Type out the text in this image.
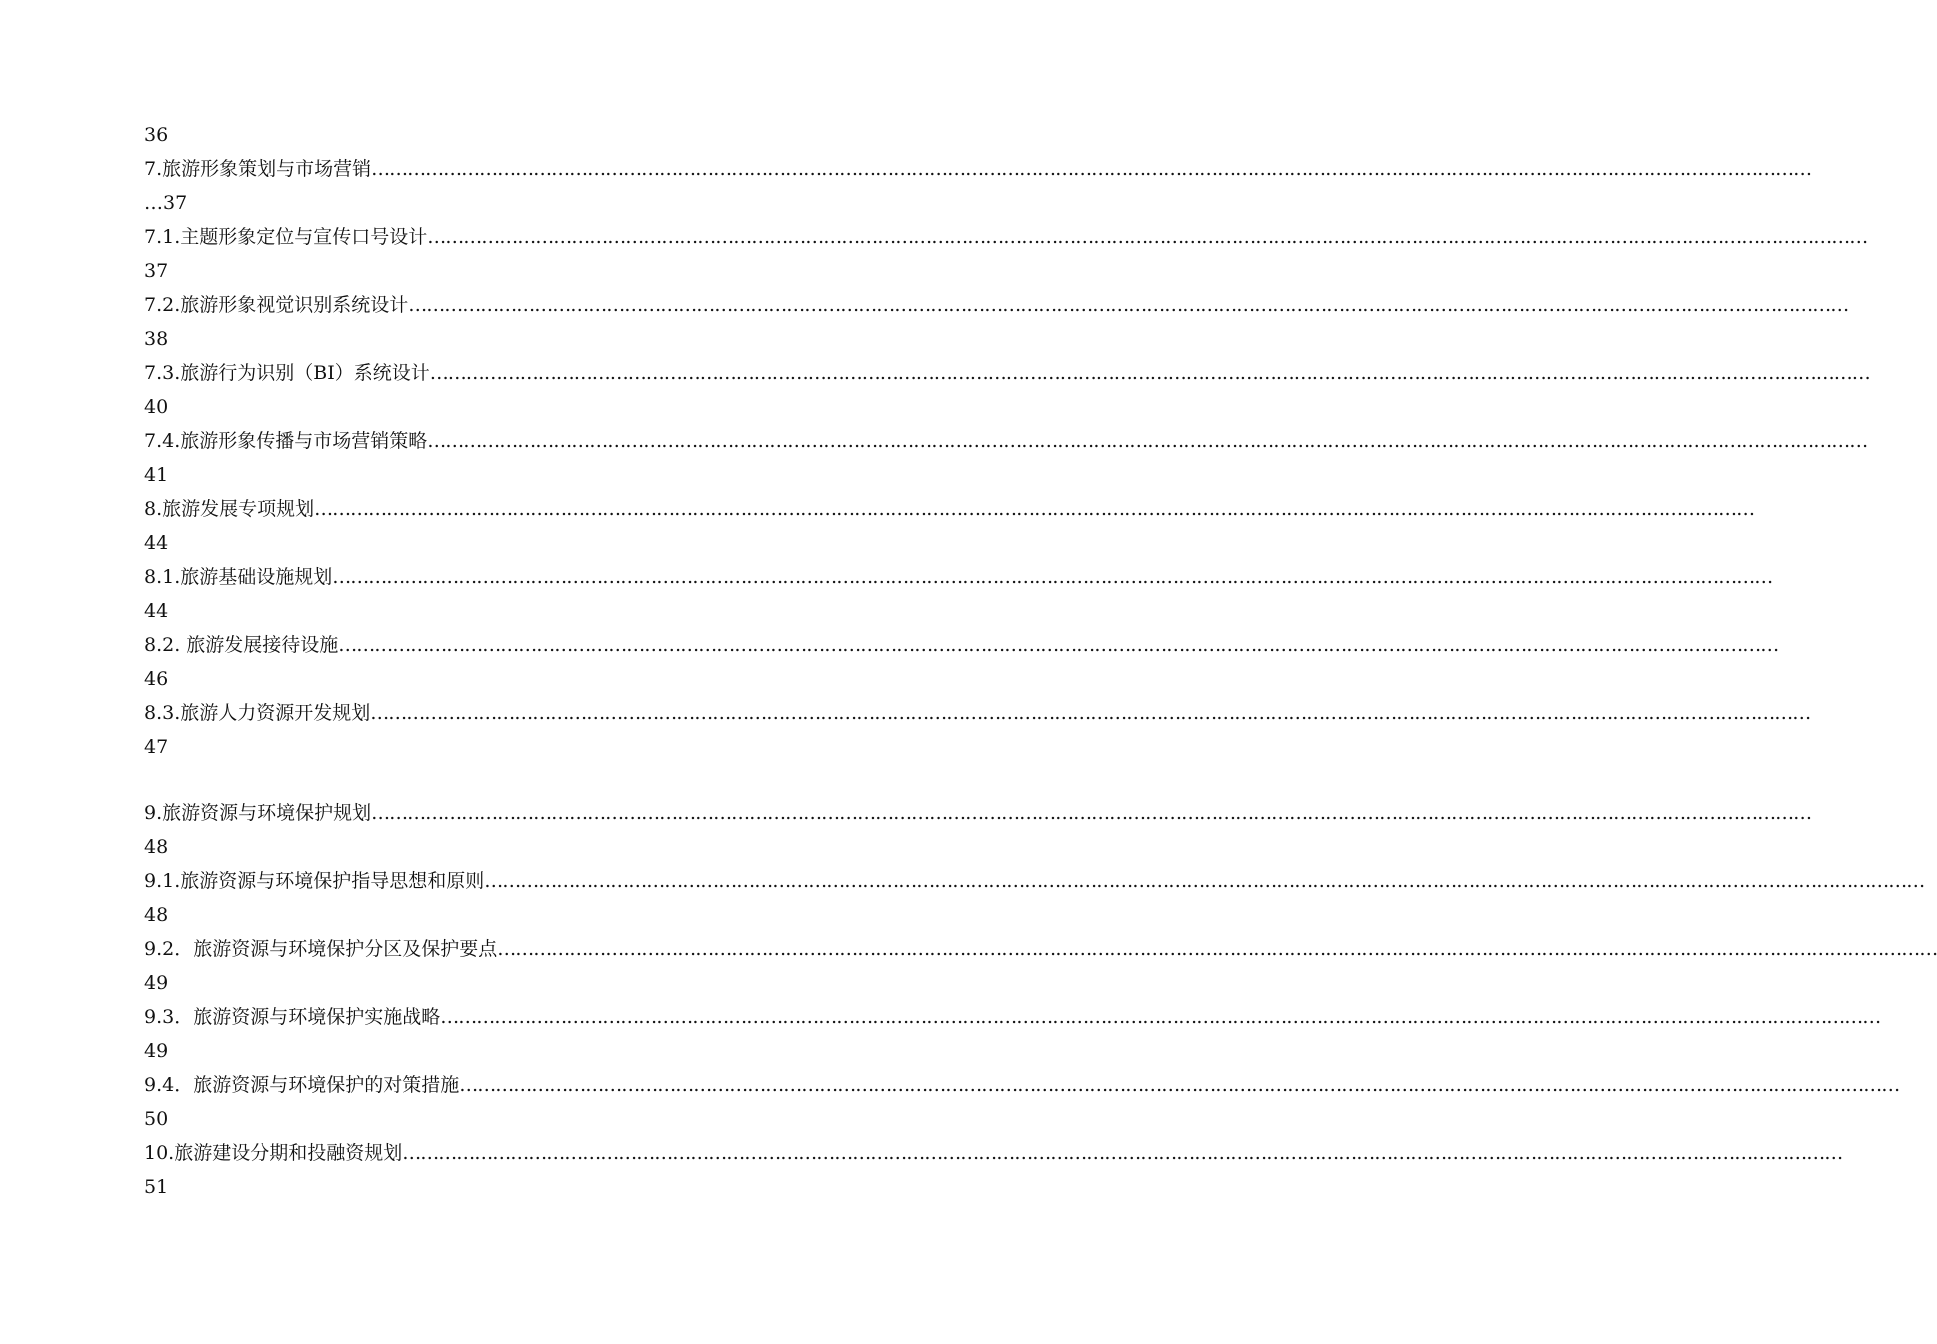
36
7.旅游形象策划与市场营销 ……………………………………………………………………………………………………………………………………………………………………………………………………………………
…37
7.1.主题形象定位与宣传口号设计 ……………………………………………………………………………………………………………………………………………………………………………………………………………………
37
7.2.旅游形象视觉识别系统设计 ……………………………………………………………………………………………………………………………………………………………………………………………………………………
38
7.3.旅游行为识别（BI）系统设计 ……………………………………………………………………………………………………………………………………………………………………………………………………………………
40
7.4.旅游形象传播与市场营销策略 ……………………………………………………………………………………………………………………………………………………………………………………………………………………
41
8.旅游发展专项规划 ……………………………………………………………………………………………………………………………………………………………………………………………………………………
44
8.1.旅游基础设施规划 ……………………………………………………………………………………………………………………………………………………………………………………………………………………
44
8.2. 旅游发展接待设施 ……………………………………………………………………………………………………………………………………………………………………………………………………………………
46
8.3.旅游人力资源开发规划 ……………………………………………………………………………………………………………………………………………………………………………………………………………………
47
9.旅游资源与环境保护规划 ……………………………………………………………………………………………………………………………………………………………………………………………………………………
48
9.1.旅游资源与环境保护指导思想和原则 ……………………………………………………………………………………………………………………………………………………………………………………………………………………
48
9.2．旅游资源与环境保护分区及保护要点 ……………………………………………………………………………………………………………………………………………………………………………………………………………………
49
9.3．旅游资源与环境保护实施战略 ……………………………………………………………………………………………………………………………………………………………………………………………………………………
49
9.4．旅游资源与环境保护的对策措施 ……………………………………………………………………………………………………………………………………………………………………………………………………………………
50
10.旅游建设分期和投融资规划 ……………………………………………………………………………………………………………………………………………………………………………………………………………………
51
